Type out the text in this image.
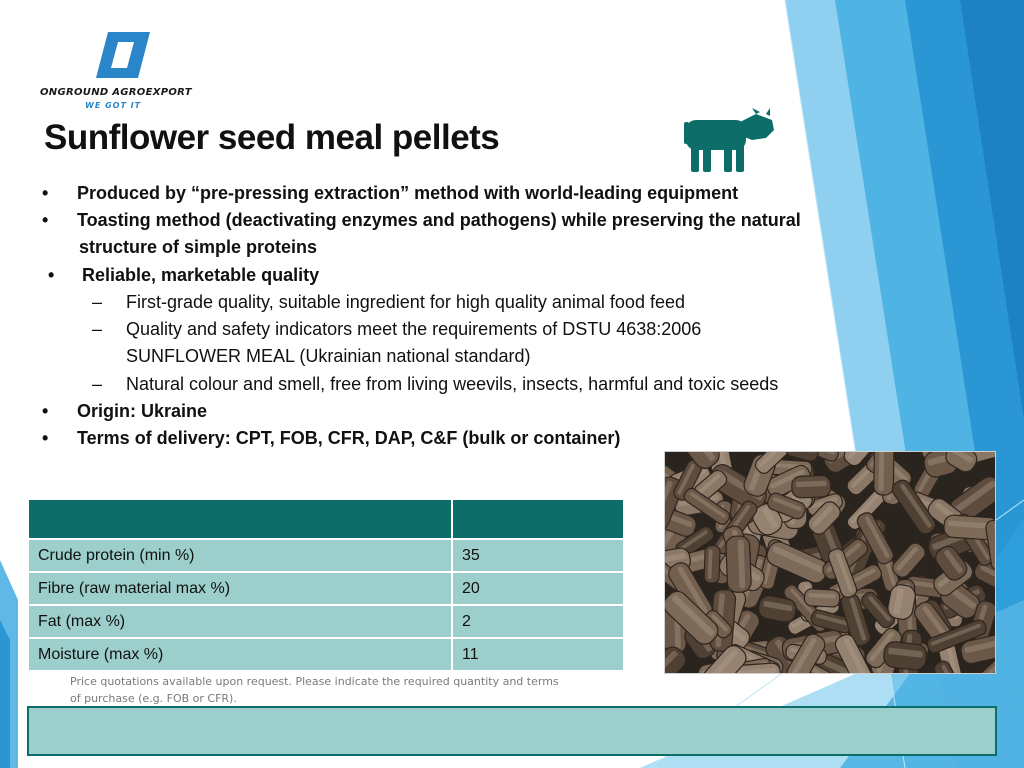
ONGROUND AGROEXPORT
WE GOT IT
Sunflower seed meal pellets
• Produced by “pre-pressing extraction” method with world-leading equipment
• Toasting method (deactivating enzymes and pathogens) while preserving the natural
structure of simple proteins
• Reliable, marketable quality
– First-grade quality, suitable ingredient for high quality animal food feed
– Quality and safety indicators meet the requirements of DSTU 4638:2006
SUNFLOWER MEAL (Ukrainian national standard)
– Natural colour and smell, free from living weevils, insects, harmful and toxic seeds
• Origin: Ukraine
• Terms of delivery: CPT, FOB, CFR, DAP, C&F (bulk or container)

Crude protein (min %)	35
Fibre (raw material max %)	20
Fat (max %)	2
Moisture (max %)	11
Price quotations available upon request. Please indicate the required quantity and terms
of purchase (e.g. FOB or CFR).
